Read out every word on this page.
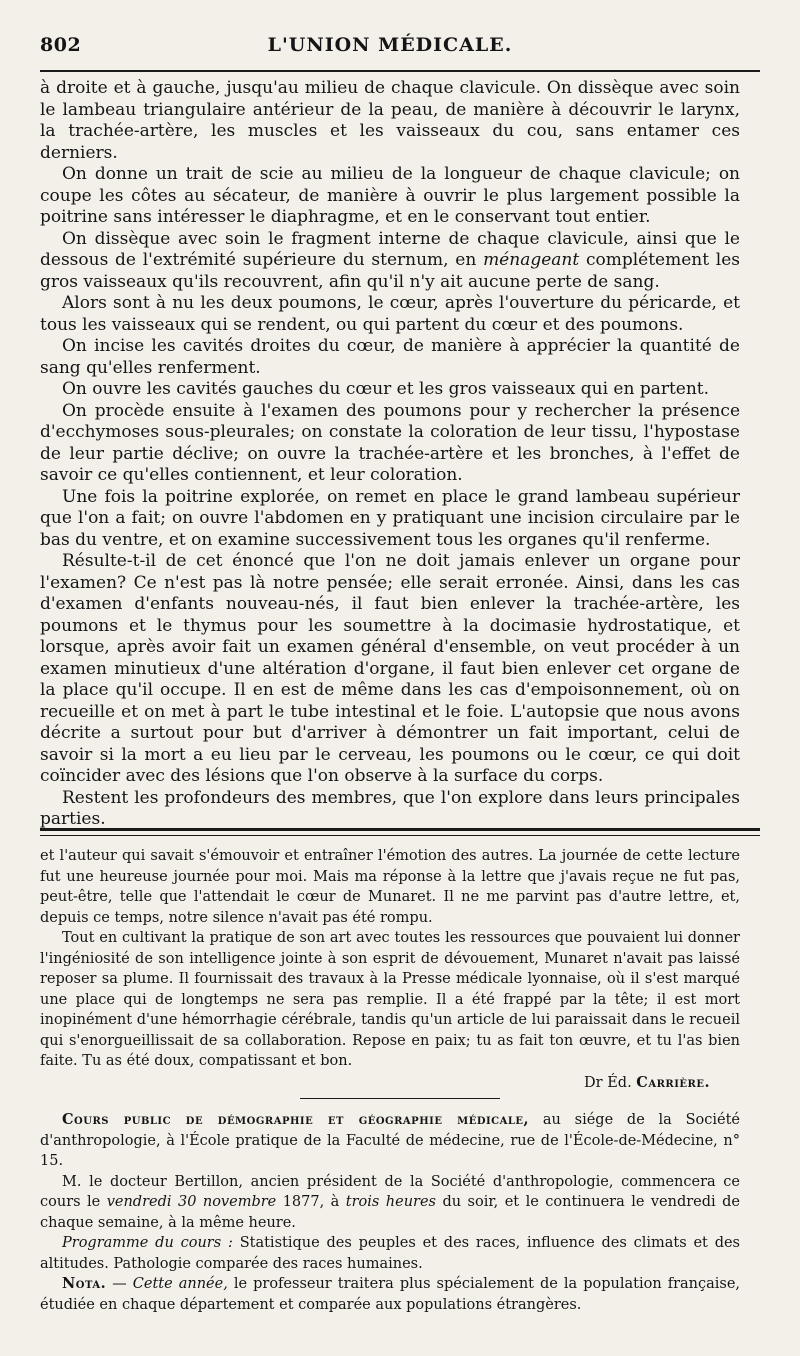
802	L'UNION MÉDICALE.

à droite et à gauche, jusqu'au milieu de chaque clavicule. On dissèque avec soin le lambeau triangulaire antérieur de la peau, de manière à découvrir le larynx, la trachée-artère, les muscles et les vaisseaux du cou, sans entamer ces derniers.

On donne un trait de scie au milieu de la longueur de chaque clavicule; on coupe les côtes au sécateur, de manière à ouvrir le plus largement possible la poitrine sans intéresser le diaphragme, et en le conservant tout entier.

On dissèque avec soin le fragment interne de chaque clavicule, ainsi que le dessous de l'extrémité supérieure du sternum, en ménageant complétement les gros vaisseaux qu'ils recouvrent, afin qu'il n'y ait aucune perte de sang.

Alors sont à nu les deux poumons, le cœur, après l'ouverture du péricarde, et tous les vaisseaux qui se rendent, ou qui partent du cœur et des poumons.

On incise les cavités droites du cœur, de manière à apprécier la quantité de sang qu'elles renferment.

On ouvre les cavités gauches du cœur et les gros vaisseaux qui en partent.

On procède ensuite à l'examen des poumons pour y rechercher la présence d'ecchymoses sous-pleurales; on constate la coloration de leur tissu, l'hypostase de leur partie déclive; on ouvre la trachée-artère et les bronches, à l'effet de savoir ce qu'elles contiennent, et leur coloration.

Une fois la poitrine explorée, on remet en place le grand lambeau supérieur que l'on a fait; on ouvre l'abdomen en y pratiquant une incision circulaire par le bas du ventre, et on examine successivement tous les organes qu'il renferme.

Résulte-t-il de cet énoncé que l'on ne doit jamais enlever un organe pour l'examen? Ce n'est pas là notre pensée; elle serait erronée. Ainsi, dans les cas d'examen d'enfants nouveau-nés, il faut bien enlever la trachée-artère, les poumons et le thymus pour les soumettre à la docimasie hydrostatique, et lorsque, après avoir fait un examen général d'ensemble, on veut procéder à un examen minutieux d'une altération d'organe, il faut bien enlever cet organe de la place qu'il occupe. Il en est de même dans les cas d'empoisonnement, où on recueille et on met à part le tube intestinal et le foie. L'autopsie que nous avons décrite a surtout pour but d'arriver à démontrer un fait important, celui de savoir si la mort a eu lieu par le cerveau, les poumons ou le cœur, ce qui doit coïncider avec des lésions que l'on observe à la surface du corps.

Restent les profondeurs des membres, que l'on explore dans leurs principales parties.

et l'auteur qui savait s'émouvoir et entraîner l'émotion des autres. La journée de cette lecture fut une heureuse journée pour moi. Mais ma réponse à la lettre que j'avais reçue ne fut pas, peut-être, telle que l'attendait le cœur de Munaret. Il ne me parvint pas d'autre lettre, et, depuis ce temps, notre silence n'avait pas été rompu.

Tout en cultivant la pratique de son art avec toutes les ressources que pouvaient lui donner l'ingéniosité de son intelligence jointe à son esprit de dévouement, Munaret n'avait pas laissé reposer sa plume. Il fournissait des travaux à la Presse médicale lyonnaise, où il s'est marqué une place qui de longtemps ne sera pas remplie. Il a été frappé par la tête; il est mort inopinément d'une hémorrhagie cérébrale, tandis qu'un article de lui paraissait dans le recueil qui s'enorgueillissait de sa collaboration. Repose en paix; tu as fait ton œuvre, et tu l'as bien faite. Tu as été doux, compatissant et bon.

Dr Éd. Carrière.

Cours public de démographie et géographie médicale, au siége de la Société d'anthropologie, à l'École pratique de la Faculté de médecine, rue de l'École-de-Médecine, n° 15.

M. le docteur Bertillon, ancien président de la Société d'anthropologie, commencera ce cours le vendredi 30 novembre 1877, à trois heures du soir, et le continuera le vendredi de chaque semaine, à la même heure.

Programme du cours : Statistique des peuples et des races, influence des climats et des altitudes. Pathologie comparée des races humaines.

Nota. — Cette année, le professeur traitera plus spécialement de la population française, étudiée en chaque département et comparée aux populations étrangères.
